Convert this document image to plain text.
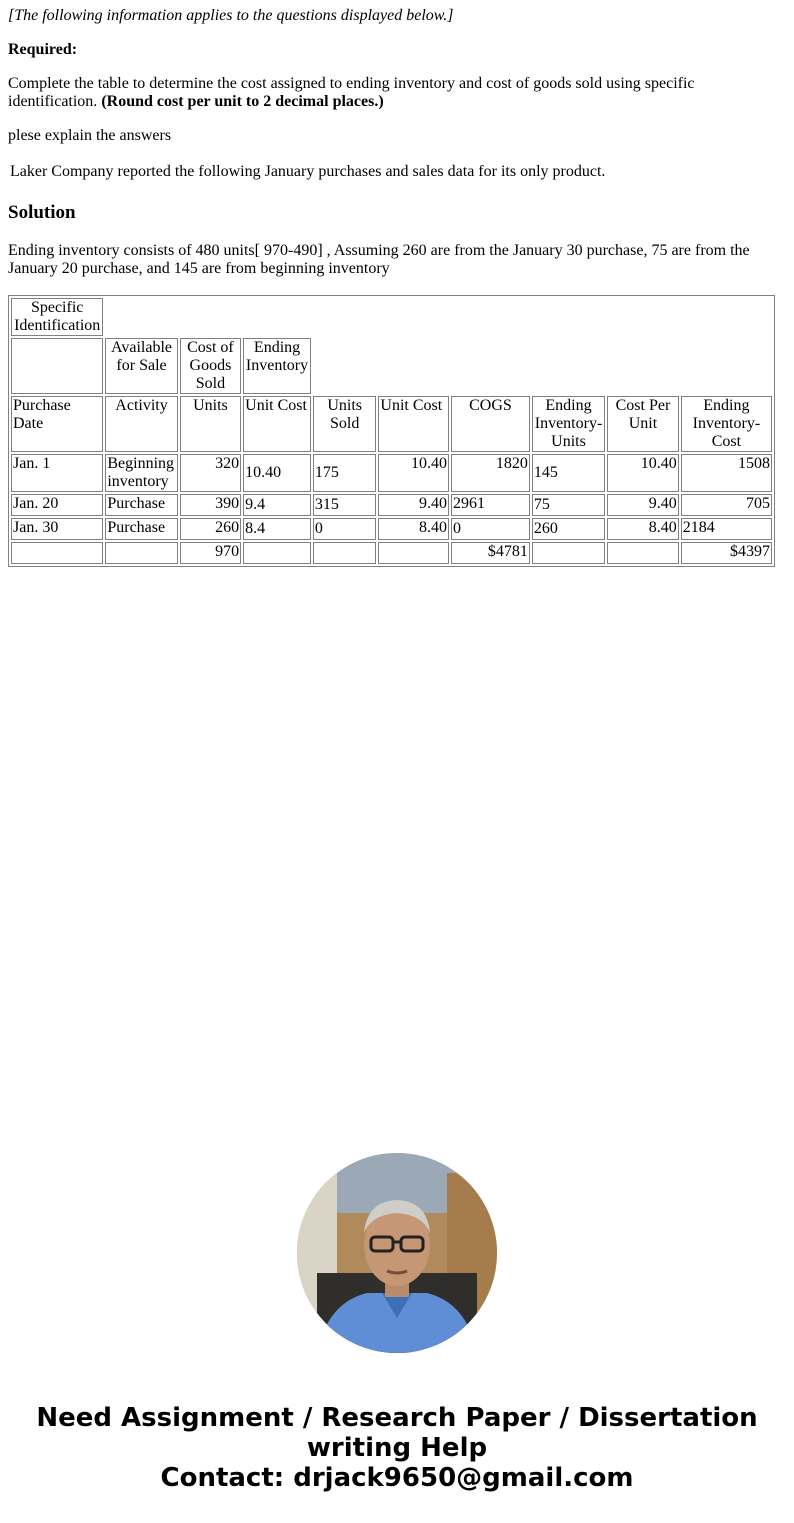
[The following information applies to the questions displayed below.]

Required:

Complete the table to determine the cost assigned to ending inventory and cost of goods sold using specific identification. (Round cost per unit to 2 decimal places.)

plese explain the answers

Laker Company reported the following January purchases and sales data for its only product.

Solution

Ending inventory consists of 480 units[ 970-490] , Assuming 260 are from the January 30 purchase, 75 are from the January 20 purchase, and 145 are from beginning inventory

Specific Identification									
	Available for Sale	Cost of Goods Sold	Ending Inventory						
Purchase Date	Activity	Units	Unit Cost	Units Sold	Unit Cost	COGS	Ending Inventory-Units	Cost Per Unit	Ending Inventory-Cost
Jan. 1	Beginning inventory	320	10.40	175	10.40	1820	145	10.40	1508
Jan. 20	Purchase	390	9.4	315	9.40	2961	75	9.40	705
Jan. 30	Purchase	260	8.4	0	8.40	0	260	8.40	2184
		970				$4781			$4397
Need Assignment / Research Paper / Dissertation
writing Help
Contact: drjack9650@gmail.com
